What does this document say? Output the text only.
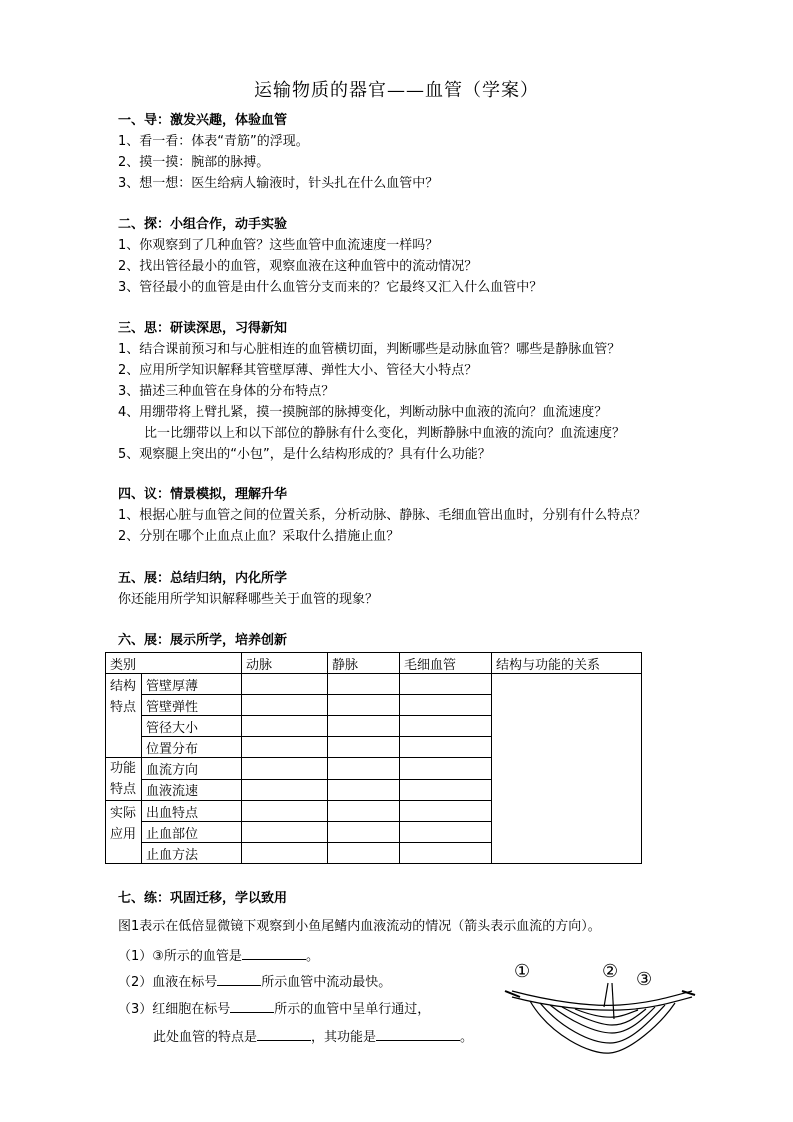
运输物质的器官——血管（学案）
一、导：激发兴趣，体验血管
1、看一看：体表“青筋”的浮现。
2、摸一摸：腕部的脉搏。
3、想一想：医生给病人输液时，针头扎在什么血管中？
二、探：小组合作，动手实验
1、你观察到了几种血管？这些血管中血流速度一样吗？
2、找出管径最小的血管，观察血液在这种血管中的流动情况？
3、管径最小的血管是由什么血管分支而来的？它最终又汇入什么血管中？
三、思：研读深思，习得新知
1、结合课前预习和与心脏相连的血管横切面，判断哪些是动脉血管？哪些是静脉血管？
2、应用所学知识解释其管壁厚薄、弹性大小、管径大小特点？
3、描述三种血管在身体的分布特点？
4、用绷带将上臂扎紧，摸一摸腕部的脉搏变化，判断动脉中血液的流向？血流速度？
比一比绷带以上和以下部位的静脉有什么变化，判断静脉中血液的流向？血流速度？
5、观察腿上突出的“小包”，是什么结构形成的？具有什么功能？
四、议：情景模拟，理解升华
1、根据心脏与血管之间的位置关系，分析动脉、静脉、毛细血管出血时，分别有什么特点？
2、分别在哪个止血点止血？采取什么措施止血？
五、展：总结归纳，内化所学
你还能用所学知识解释哪些关于血管的现象？
六、展：展示所学，培养创新
类别		动脉	静脉	毛细血管	结构与功能的关系
结构特点	管壁厚薄				
	管壁弹性				
	管径大小				
	位置分布				
功能特点	血流方向				
	血液流速				
实际应用	出血特点				
	止血部位				
	止血方法				
七、练：巩固迁移，学以致用
图1表示在低倍显微镜下观察到小鱼尾鳍内血液流动的情况（箭头表示血流的方向）。
（1）③所示的血管是	。
（2）血液在标号	所示血管中流动最快。
（3）红细胞在标号	所示的血管中呈单行通过，
此处血管的特点是	，其功能是	。
①	② ③
